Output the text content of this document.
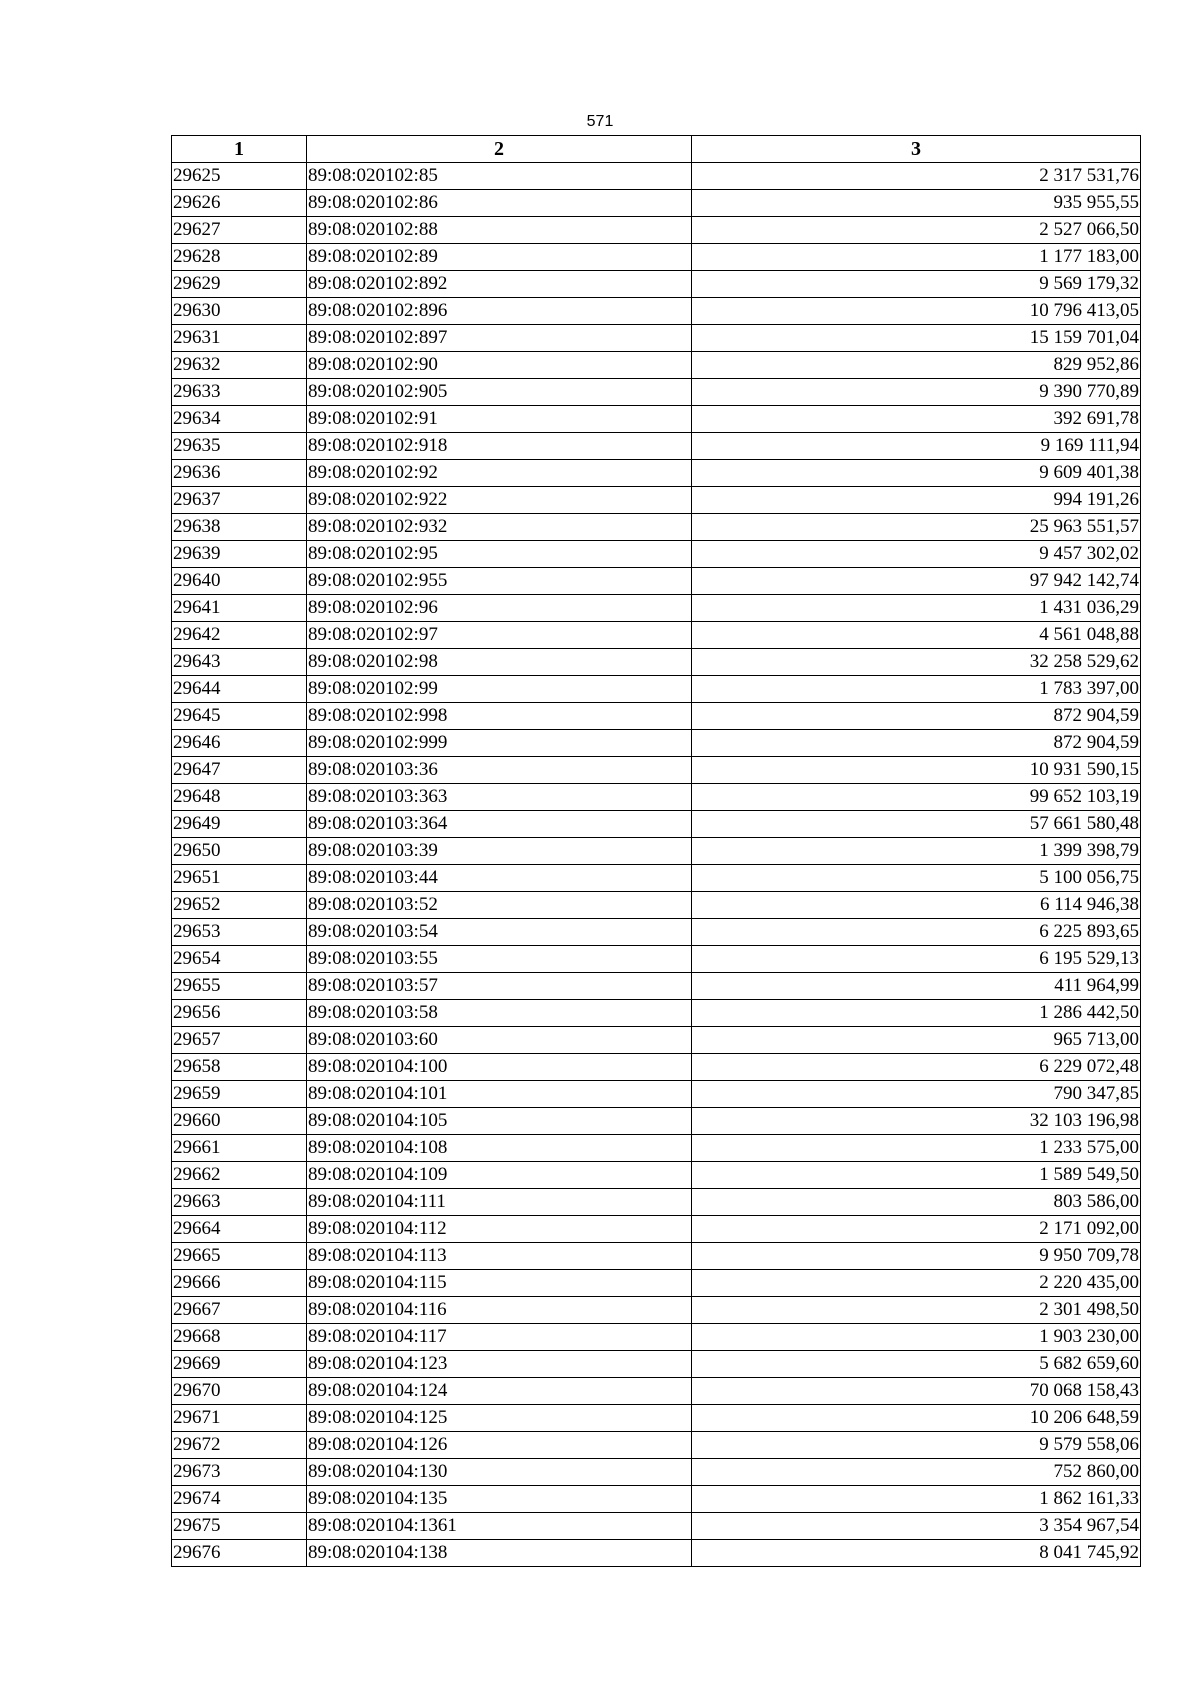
571
1	2	3
29625	89:08:020102:85	2 317 531,76
29626	89:08:020102:86	935 955,55
29627	89:08:020102:88	2 527 066,50
29628	89:08:020102:89	1 177 183,00
29629	89:08:020102:892	9 569 179,32
29630	89:08:020102:896	10 796 413,05
29631	89:08:020102:897	15 159 701,04
29632	89:08:020102:90	829 952,86
29633	89:08:020102:905	9 390 770,89
29634	89:08:020102:91	392 691,78
29635	89:08:020102:918	9 169 111,94
29636	89:08:020102:92	9 609 401,38
29637	89:08:020102:922	994 191,26
29638	89:08:020102:932	25 963 551,57
29639	89:08:020102:95	9 457 302,02
29640	89:08:020102:955	97 942 142,74
29641	89:08:020102:96	1 431 036,29
29642	89:08:020102:97	4 561 048,88
29643	89:08:020102:98	32 258 529,62
29644	89:08:020102:99	1 783 397,00
29645	89:08:020102:998	872 904,59
29646	89:08:020102:999	872 904,59
29647	89:08:020103:36	10 931 590,15
29648	89:08:020103:363	99 652 103,19
29649	89:08:020103:364	57 661 580,48
29650	89:08:020103:39	1 399 398,79
29651	89:08:020103:44	5 100 056,75
29652	89:08:020103:52	6 114 946,38
29653	89:08:020103:54	6 225 893,65
29654	89:08:020103:55	6 195 529,13
29655	89:08:020103:57	411 964,99
29656	89:08:020103:58	1 286 442,50
29657	89:08:020103:60	965 713,00
29658	89:08:020104:100	6 229 072,48
29659	89:08:020104:101	790 347,85
29660	89:08:020104:105	32 103 196,98
29661	89:08:020104:108	1 233 575,00
29662	89:08:020104:109	1 589 549,50
29663	89:08:020104:111	803 586,00
29664	89:08:020104:112	2 171 092,00
29665	89:08:020104:113	9 950 709,78
29666	89:08:020104:115	2 220 435,00
29667	89:08:020104:116	2 301 498,50
29668	89:08:020104:117	1 903 230,00
29669	89:08:020104:123	5 682 659,60
29670	89:08:020104:124	70 068 158,43
29671	89:08:020104:125	10 206 648,59
29672	89:08:020104:126	9 579 558,06
29673	89:08:020104:130	752 860,00
29674	89:08:020104:135	1 862 161,33
29675	89:08:020104:1361	3 354 967,54
29676	89:08:020104:138	8 041 745,92
